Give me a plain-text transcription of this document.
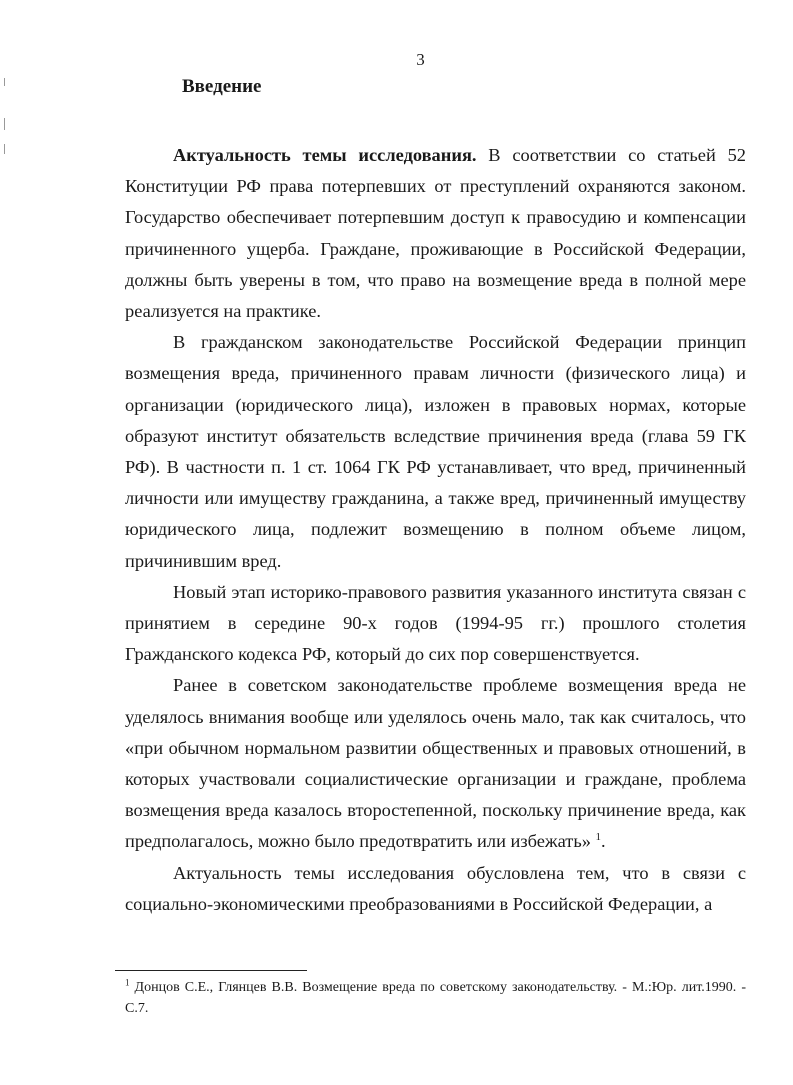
3
Введение

Актуальность темы исследования. В соответствии со статьей 52 Конституции РФ права потерпевших от преступлений охраняются законом. Государство обеспечивает потерпевшим доступ к правосудию и компенсации причиненного ущерба. Граждане, проживающие в Российской Федерации, должны быть уверены в том, что право на возмещение вреда в полной мере реализуется на практике.

В гражданском законодательстве Российской Федерации принцип возмещения вреда, причиненного правам личности (физического лица) и организации (юридического лица), изложен в правовых нормах, которые образуют институт обязательств вследствие причинения вреда (глава 59 ГК РФ). В частности п. 1 ст. 1064 ГК РФ устанавливает, что вред, причиненный личности или имуществу гражданина, а также вред, причиненный имуществу юридического лица, подлежит возмещению в полном объеме лицом, причинившим вред.

Новый этап историко-правового развития указанного института связан с принятием в середине 90-х годов (1994-95 гг.) прошлого столетия Гражданского кодекса РФ, который до сих пор совершенствуется.

Ранее в советском законодательстве проблеме возмещения вреда не уделялось внимания вообще или уделялось очень мало, так как считалось, что «при обычном нормальном развитии общественных и правовых отношений, в которых участвовали социалистические организации и граждане, проблема возмещения вреда казалось второстепенной, поскольку причинение вреда, как предполагалось, можно было предотвратить или избежать» $^1$.

Актуальность темы исследования обусловлена тем, что в связи с социально-экономическими преобразованиями в Российской Федерации, а

$^1$ Донцов С.Е., Глянцев В.В. Возмещение вреда по советскому законодательству. - М.:Юр. лит.1990. - С.7.
